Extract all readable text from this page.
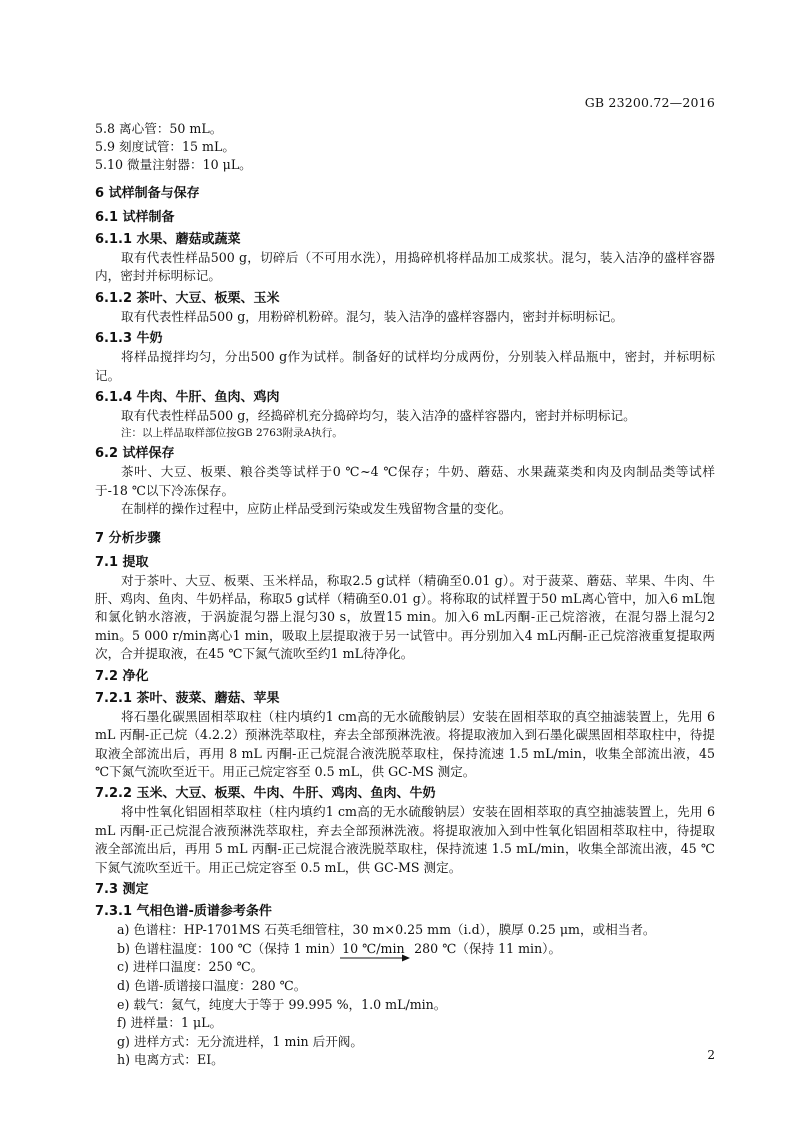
GB 23200.72—2016
5.8 离心管：50 mL。
5.9 刻度试管：15 mL。
5.10 微量注射器：10 μL。
6 试样制备与保存
6.1 试样制备
6.1.1 水果、蘑菇或蔬菜
取有代表性样品500 g，切碎后（不可用水洗），用捣碎机将样品加工成浆状。混匀，装入洁净的盛样容器内，密封并标明标记。
6.1.2 茶叶、大豆、板栗、玉米
取有代表性样品500 g，用粉碎机粉碎。混匀，装入洁净的盛样容器内，密封并标明标记。
6.1.3 牛奶
将样品搅拌均匀，分出500 g作为试样。制备好的试样均分成两份，分别装入样品瓶中，密封，并标明标记。
6.1.4 牛肉、牛肝、鱼肉、鸡肉
取有代表性样品500 g，经捣碎机充分捣碎均匀，装入洁净的盛样容器内，密封并标明标记。
注：以上样品取样部位按GB 2763附录A执行。
6.2 试样保存
茶叶、大豆、板栗、粮谷类等试样于0 ℃~4 ℃保存；牛奶、蘑菇、水果蔬菜类和肉及肉制品类等试样于-18 ℃以下冷冻保存。
在制样的操作过程中，应防止样品受到污染或发生残留物含量的变化。
7 分析步骤
7.1 提取
对于茶叶、大豆、板栗、玉米样品，称取2.5 g试样（精确至0.01 g）。对于菠菜、蘑菇、苹果、牛肉、牛肝、鸡肉、鱼肉、牛奶样品，称取5 g试样（精确至0.01 g）。将称取的试样置于50 mL离心管中，加入6 mL饱和氯化钠水溶液，于涡旋混匀器上混匀30 s，放置15 min。加入6 mL丙酮-正己烷溶液，在混匀器上混匀2 min。5 000 r/min离心1 min，吸取上层提取液于另一试管中。再分别加入4 mL丙酮-正己烷溶液重复提取两次，合并提取液，在45 ℃下氮气流吹至约1 mL待净化。
7.2 净化
7.2.1 茶叶、菠菜、蘑菇、苹果
将石墨化碳黑固相萃取柱（柱内填约1 cm高的无水硫酸钠层）安装在固相萃取的真空抽滤装置上，先用 6 mL 丙酮-正己烷（4.2.2）预淋洗萃取柱，弃去全部预淋洗液。将提取液加入到石墨化碳黑固相萃取柱中，待提取液全部流出后，再用 8 mL 丙酮-正己烷混合液洗脱萃取柱，保持流速 1.5 mL/min，收集全部流出液，45 ℃下氮气流吹至近干。用正己烷定容至 0.5 mL，供 GC-MS 测定。
7.2.2 玉米、大豆、板栗、牛肉、牛肝、鸡肉、鱼肉、牛奶
将中性氧化铝固相萃取柱（柱内填约1 cm高的无水硫酸钠层）安装在固相萃取的真空抽滤装置上，先用 6 mL 丙酮-正己烷混合液预淋洗萃取柱，弃去全部预淋洗液。将提取液加入到中性氧化铝固相萃取柱中，待提取液全部流出后，再用 5 mL 丙酮-正己烷混合液洗脱萃取柱，保持流速 1.5 mL/min，收集全部流出液，45 ℃下氮气流吹至近干。用正己烷定容至 0.5 mL，供 GC-MS 测定。
7.3 测定
7.3.1 气相色谱-质谱参考条件
a) 色谱柱：HP-1701MS 石英毛细管柱，30 m×0.25 mm（i.d），膜厚 0.25 μm，或相当者。
b) 色谱柱温度：100 ℃（保持 1 min）10 ℃/min
280 ℃（保持 11 min）。
c) 进样口温度：250 ℃。
d) 色谱-质谱接口温度：280 ℃。
e) 载气：氦气，纯度大于等于 99.995 %，1.0 mL/min。
f) 进样量：1 μL。
g) 进样方式：无分流进样，1 min 后开阀。
h) 电离方式：EI。	2
